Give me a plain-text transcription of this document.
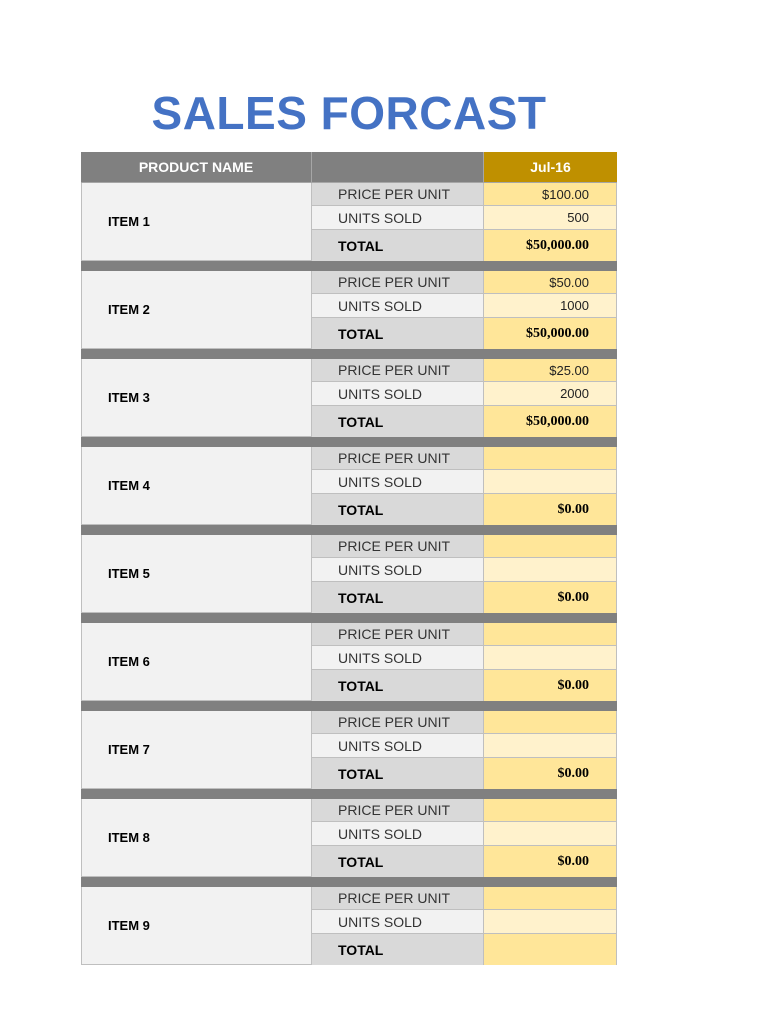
SALES FORCAST
PRODUCT NAME	Jul-16
ITEM 1
PRICE PER UNIT	$100.00
UNITS SOLD	500
TOTAL	$50,000.00
ITEM 2
PRICE PER UNIT	$50.00
UNITS SOLD	1000
TOTAL	$50,000.00
ITEM 3
PRICE PER UNIT	$25.00
UNITS SOLD	2000
TOTAL	$50,000.00
ITEM 4
PRICE PER UNIT
UNITS SOLD
TOTAL	$0.00
ITEM 5
PRICE PER UNIT
UNITS SOLD
TOTAL	$0.00
ITEM 6
PRICE PER UNIT
UNITS SOLD
TOTAL	$0.00
ITEM 7
PRICE PER UNIT
UNITS SOLD
TOTAL	$0.00
ITEM 8
PRICE PER UNIT
UNITS SOLD
TOTAL	$0.00
ITEM 9
PRICE PER UNIT
UNITS SOLD
TOTAL
